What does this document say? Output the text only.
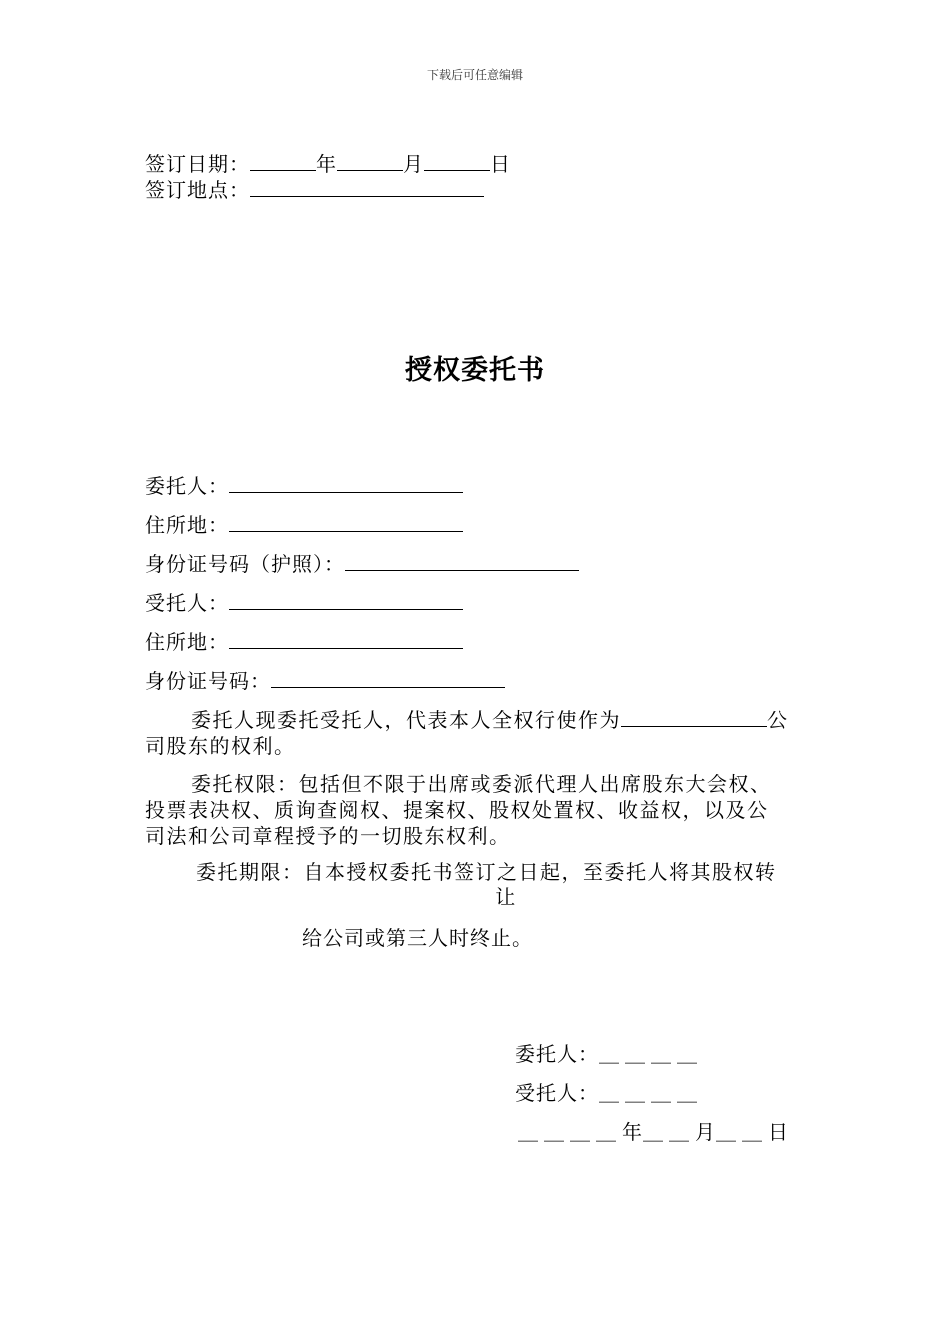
下载后可任意编辑
签订日期：	年	月	日
签订地点：
授权委托书
委托人：
住所地：
身份证号码（护照）：
受托人：
住所地：
身份证号码：
委托人现委托受托人，代表本人全权行使作为	公
司股东的权利。
委托权限：包括但不限于出席或委派代理人出席股东大会权、
投票表决权、质询查阅权、提案权、股权处置权、收益权，以及公
司法和公司章程授予的一切股东权利。
委托期限：自本授权委托书签订之日起，至委托人将其股权转
让
给公司或第三人时终止。
委托人：＿＿＿＿
受托人：＿＿＿＿
＿＿＿＿年＿＿月＿＿日
